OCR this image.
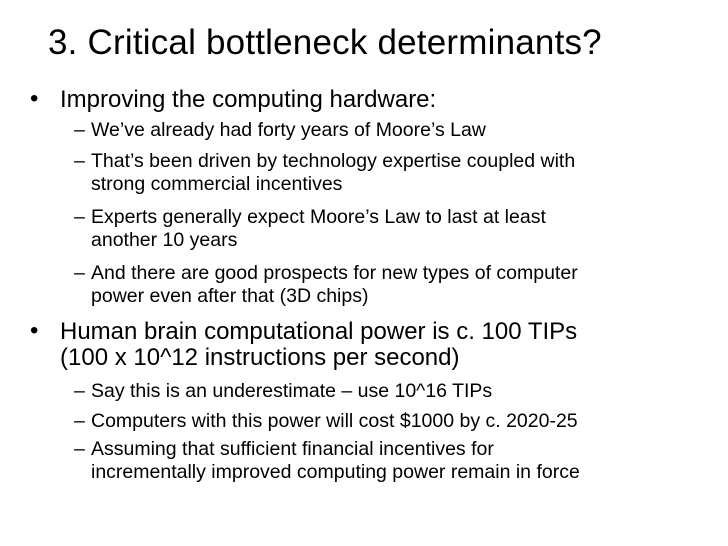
3. Critical bottleneck determinants?
• Improving the computing hardware:
– We’ve already had forty years of Moore’s Law
– That’s been driven by technology expertise coupled with
strong commercial incentives
– Experts generally expect Moore’s Law to last at least
another 10 years
– And there are good prospects for new types of computer
power even after that (3D chips)
• Human brain computational power is c. 100 TIPs
(100 x 10^12 instructions per second)
– Say this is an underestimate – use 10^16 TIPs
– Computers with this power will cost $1000 by c. 2020-25
– Assuming that sufficient financial incentives for
incrementally improved computing power remain in force
